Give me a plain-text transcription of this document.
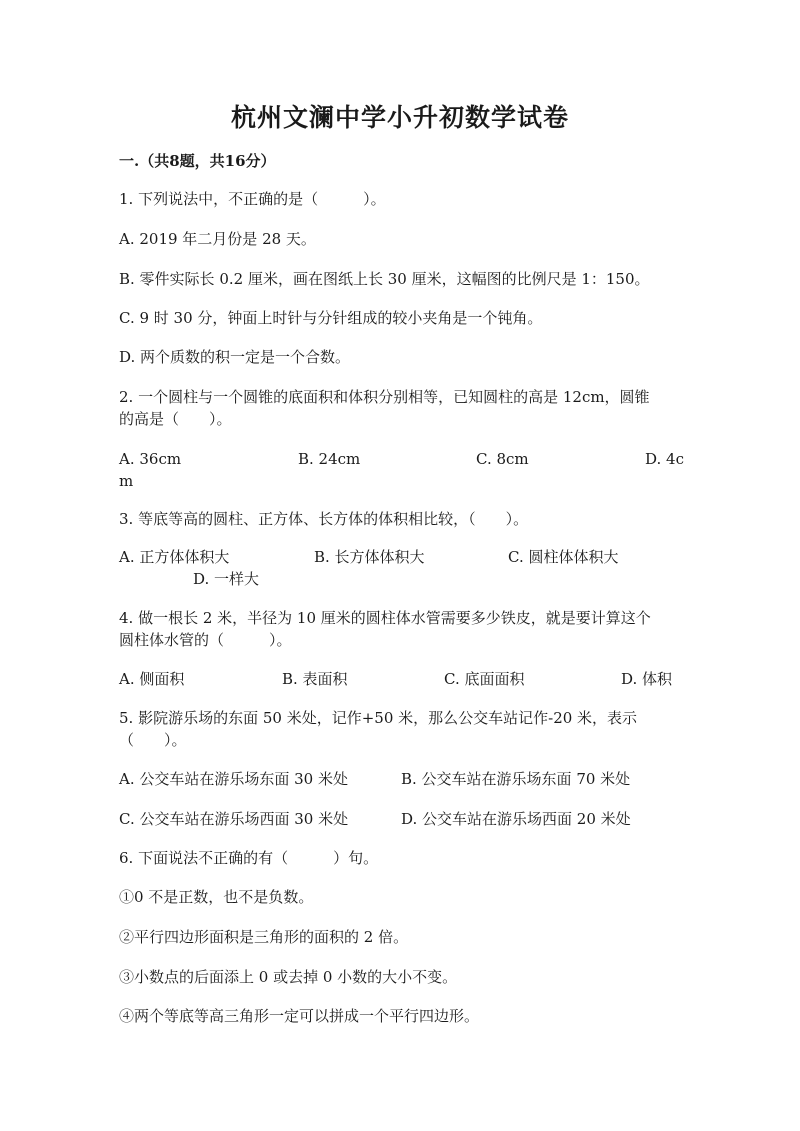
杭州文澜中学小升初数学试卷
一.（共8题，共16分）
1. 下列说法中，不正确的是（　　　）。
A. 2019 年二月份是 28 天。
B. 零件实际长 0.2 厘米，画在图纸上长 30 厘米，这幅图的比例尺是 1：150。
C. 9 时 30 分，钟面上时针与分针组成的较小夹角是一个钝角。
D. 两个质数的积一定是一个合数。
2. 一个圆柱与一个圆锥的底面积和体积分别相等，已知圆柱的高是 12cm，圆锥
的高是（　　）。
A. 36cm	B. 24cm	C. 8cm	D. 4c
m
3. 等底等高的圆柱、正方体、长方体的体积相比较，（　　）。
A. 正方体体积大	B. 长方体体积大	C. 圆柱体体积大
D. 一样大
4. 做一根长 2 米，半径为 10 厘米的圆柱体水管需要多少铁皮，就是要计算这个
圆柱体水管的（　　　）。
A. 侧面积	B. 表面积	C. 底面面积	D. 体积
5. 影院游乐场的东面 50 米处，记作+50 米，那么公交车站记作-20 米，表示
（　　）。
A. 公交车站在游乐场东面 30 米处	B. 公交车站在游乐场东面 70 米处
C. 公交车站在游乐场西面 30 米处	D. 公交车站在游乐场西面 20 米处
6. 下面说法不正确的有（　　　）句。
①0 不是正数，也不是负数。
②平行四边形面积是三角形的面积的 2 倍。
③小数点的后面添上 0 或去掉 0 小数的大小不变。
④两个等底等高三角形一定可以拼成一个平行四边形。
